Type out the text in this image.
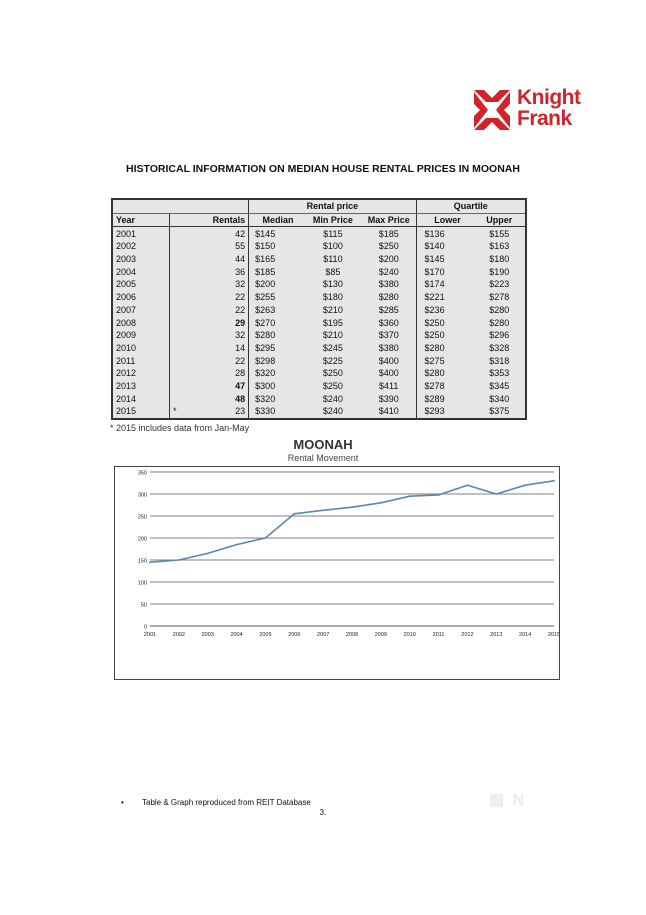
Knight
Frank
HISTORICAL INFORMATION ON MEDIAN HOUSE RENTAL PRICES IN MOONAH
			Rental price			Quartile	
Year		Rentals	Median	Min Price	Max Price	Lower	Upper
2001		42	$145	$115	$185	$136	$155
2002		55	$150	$100	$250	$140	$163
2003		44	$165	$110	$200	$145	$180
2004		36	$185	$85	$240	$170	$190
2005		32	$200	$130	$380	$174	$223
2006		22	$255	$180	$280	$221	$278
2007		22	$263	$210	$285	$236	$280
2008		29	$270	$195	$360	$250	$280
2009		32	$280	$210	$370	$250	$296
2010		14	$295	$245	$380	$280	$328
2011		22	$298	$225	$400	$275	$318
2012		28	$320	$250	$400	$280	$353
2013		47	$300	$250	$411	$278	$345
2014		48	$320	$240	$390	$289	$340
2015	*	23	$330	$240	$410	$293	$375
* 2015 includes data from Jan-May
MOONAH
Rental Movement
0
50
100
150
200
250
300
350
2001	2002	2003	2004	2005	2006	2007	2008	2009	2010	2011	2012	2013	2014	2015
▦ N
• Table & Graph reproduced from REIT Database
3.
